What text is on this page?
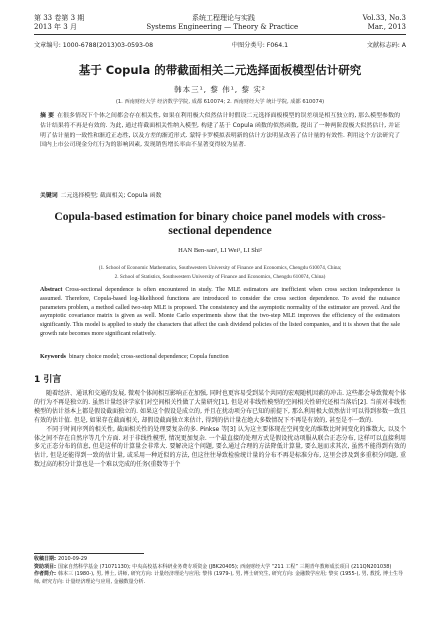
第 33 卷第 3 期	系统工程理论与实践	Vol.33, No.3
2013 年 3 月	Systems Engineering — Theory & Practice	Mar., 2013
文章编号: 1000-6788(2013)03-0593-08	中图分类号: F064.1	文献标志码: A
基于 Copula 的带截面相关二元选择面板模型估计研究
韩本三¹, 黎 伟¹, 黎 实²
(1. 西南财经大学 经济数学学院, 成都 610074; 2. 西南财经大学 统计学院, 成都 610074)
摘 要 在很多情况下个体之间都会存在相关性, 如果在利用极大似然估计时假设二元选择面板模型的误差项是相互独立的, 那么模型参数的估计结果将不再是有效的. 为此, 通过将截面相关性纳入模型, 构建了基于 Copula 函数的似然函数, 提出了一种两阶段极大似然估计, 并证明了估计量的一致性和渐近正态性, 以及方差的渐近形式. 蒙特卡罗模拟表明新的估计方法明显改善了估计量的有效性. 利用这个方法研究了国内上市公司现金分红行为的影响因素, 发现销售增长率由不显著变得较为显著.
关键词 二元选择模型; 截面相关; Copula 函数
Copula-based estimation for binary choice panel models with cross-sectional dependence
HAN Ben-san¹, LI Wei¹, LI Shi²
(1. School of Economic Mathematics, Southwestern University of Finance and Economics, Chengdu 610074, China;
2. School of Statistics, Southwestern University of Finance and Economics, Chengdu 610074, China)
Abstract Cross-sectional dependence is often encountered in study. The MLE estimators are inefficient when cross section independence is assumed. Therefore, Copula-based log-likelihood functions are introduced to consider the cross section dependence. To avoid the nuisance parameters problem, a method called two-step MLE is proposed. The consistency and the asymptotic normality of the estimator are proved. And the asymptotic covariance matrix is given as well. Monte Carlo experiments show that the two-step MLE improves the efficiency of the estimators significantly. This model is applied to study the characters that affect the cash dividend policies of the listed companies, and it is shown that the sale growth rate becomes more significant relatively.
Keywords binary choice model; cross-sectional dependence; Copula function
1 引言

随着经济、通讯和交通的发展, 微观个体间相互影响正在加强, 同时也更容易受到某个共同的宏观随机因素的冲击. 这些都会导致微观个体的行为不再是独立的. 虽然计量经济学家们对空间相关性做了大量研究[1], 但是对非线性模型的空间相关性研究还相当落后[2]. 当前对非线性模型的估计基本上都是假设截面独立的. 如果这个假设是成立的, 并且在扰动项分布已知的前提下, 那么利用极大似然估计可以得到参数一致且有效的估计值. 但是, 如果存在截面相关, 却假设截面独立来估计, 得到的估计量在绝大多数情况下不再是有效的, 甚至是不一致的.

不同于时间序列的相关性, 截面相关性的处理要复杂的多. Pinkse 等[3] 认为这主要体现在空间变化的维数比时间变化的维数大, 以及个体之间不存在自然序等几个方面. 对于非线性模型, 情况更加复杂. 一个最直接的处理方式是假设扰动项服从联合正态分布, 这样可以直接利用多元正态分布的信息, 但是这样的计算量会非常大. 要解决这个问题, 要么通过合理的方法降低计算量, 要么退而求其次, 虽然不能得到有效的估计, 但是还能得到一致的估计量, 或采用一种近似的方法, 但这往往导致检验统计量的分布不再是标准分布, 这里会涉及到多重积分问题, 重数过高的积分计算也是一个难以完成的任务(重数等于个

收稿日期: 2010-09-29
资助项目: 国家自然科学基金 (71071130); 中央高校基本科研业务费专项资金 (JBK20405); 西南财经大学 “211 工程” 三期青年教师成长项目 (211QN201038)
作者简介: 韩本三 (1980-), 男, 博士, 讲师, 研究方向: 计量经济理论与应用; 黎伟 (1979-), 男, 博士研究生, 研究方向: 金融数学应用; 黎实 (1955-), 男, 教授, 博士生导师, 研究方向: 计量经济理论与应用, 金融数量分析.
